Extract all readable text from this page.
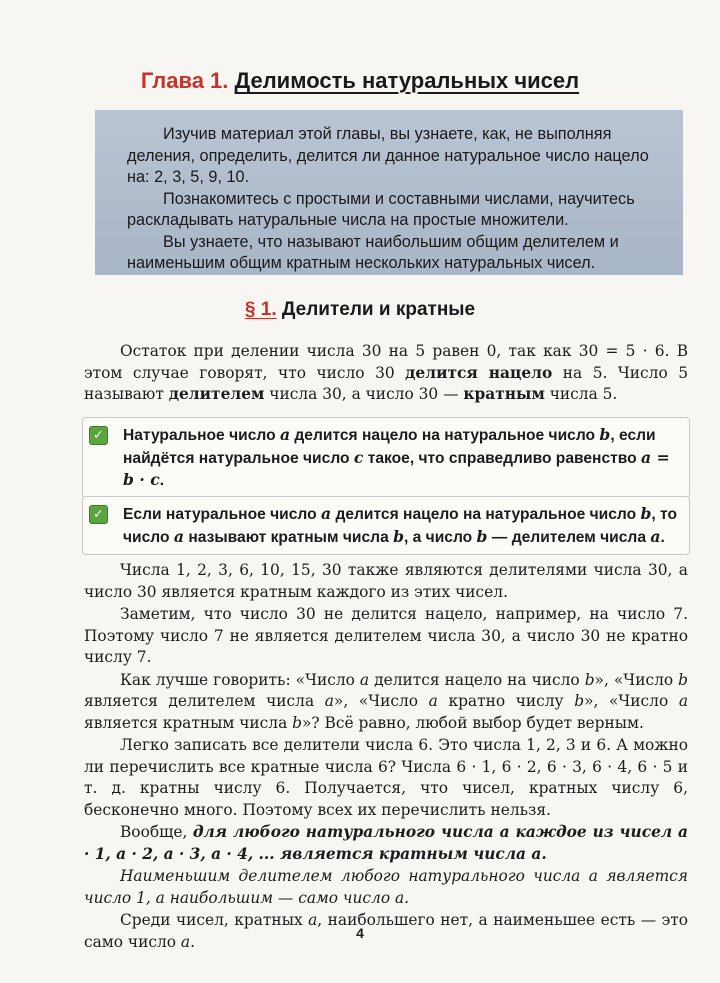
Глава 1. Делимость натуральных чисел

Изучив материал этой главы, вы узнаете, как, не выполняя деления, определить, делится ли данное натуральное число нацело на: 2, 3, 5, 9, 10.

Познакомитесь с простыми и составными числами, научитесь раскладывать натуральные числа на простые множители.

Вы узнаете, что называют наибольшим общим делителем и наименьшим общим кратным нескольких натуральных чисел.

§ 1. Делители и кратные

Остаток при делении числа 30 на 5 равен 0, так как 30 = 5 · 6. В этом случае говорят, что число 30 делится нацело на 5. Число 5 называют делителем числа 30, а число 30 — кратным числа 5.

✓ Натуральное число a делится нацело на натуральное число b, если найдётся натуральное число c такое, что справедливо равенство a = b · c.
✓ Если натуральное число a делится нацело на натуральное число b, то число a называют кратным числа b, а число b — делителем числа a.

Числа 1, 2, 3, 6, 10, 15, 30 также являются делителями числа 30, а число 30 является кратным каждого из этих чисел.

Заметим, что число 30 не делится нацело, например, на число 7. Поэтому число 7 не является делителем числа 30, а число 30 не кратно числу 7.

Как лучше говорить: «Число a делится нацело на число b», «Число b является делителем числа a», «Число a кратно числу b», «Число a является кратным числа b»? Всё равно, любой выбор будет верным.

Легко записать все делители числа 6. Это числа 1, 2, 3 и 6. А можно ли перечислить все кратные числа 6? Числа 6 · 1, 6 · 2, 6 · 3, 6 · 4, 6 · 5 и т. д. кратны числу 6. Получается, что чисел, кратных числу 6, бесконечно много. Поэтому всех их перечислить нельзя.

Вообще, для любого натурального числа a каждое из чисел a · 1, a · 2, a · 3, a · 4, ... является кратным числа a.

Наименьшим делителем любого натурального числа a является число 1, а наибольшим — само число a.

Среди чисел, кратных a, наибольшего нет, а наименьшее есть — это само число a.	4
